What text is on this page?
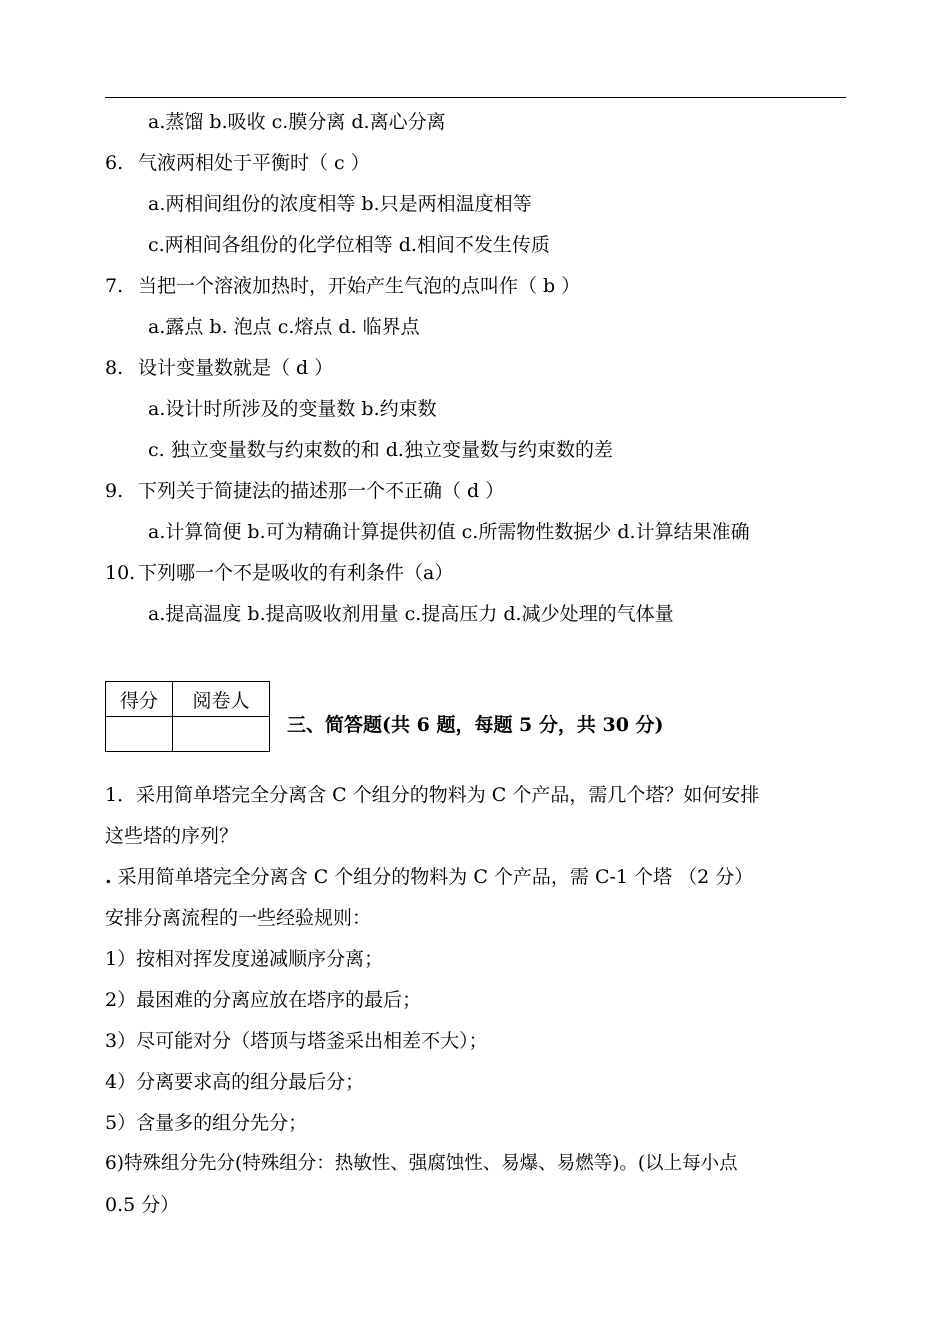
a.蒸馏 b.吸收 c.膜分离 d.离心分离
6. 气液两相处于平衡时（ c ）
a.两相间组份的浓度相等 b.只是两相温度相等
c.两相间各组份的化学位相等 d.相间不发生传质
7. 当把一个溶液加热时，开始产生气泡的点叫作（ b ）
a.露点 b. 泡点 c.熔点 d. 临界点
8. 设计变量数就是（ d ）
a.设计时所涉及的变量数 b.约束数
c. 独立变量数与约束数的和 d.独立变量数与约束数的差
9. 下列关于简捷法的描述那一个不正确（ d ）
a.计算简便 b.可为精确计算提供初值 c.所需物性数据少 d.计算结果准确
10. 下列哪一个不是吸收的有利条件（a）
a.提高温度 b.提高吸收剂用量 c.提高压力 d.减少处理的气体量
得分	阅卷人

三、简答题(共 6 题，每题 5 分，共 30 分)
1．采用简单塔完全分离含 C 个组分的物料为 C 个产品，需几个塔？如何安排
这些塔的序列？
. 采用简单塔完全分离含 C 个组分的物料为 C 个产品，需 C-1 个塔 （2 分）
安排分离流程的一些经验规则：
1）按相对挥发度递减顺序分离；
2）最困难的分离应放在塔序的最后；
3）尽可能对分（塔顶与塔釜采出相差不大）；
4）分离要求高的组分最后分；
5）含量多的组分先分；
6)特殊组分先分(特殊组分：热敏性、强腐蚀性、易爆、易燃等)。(以上每小点
0.5 分）
